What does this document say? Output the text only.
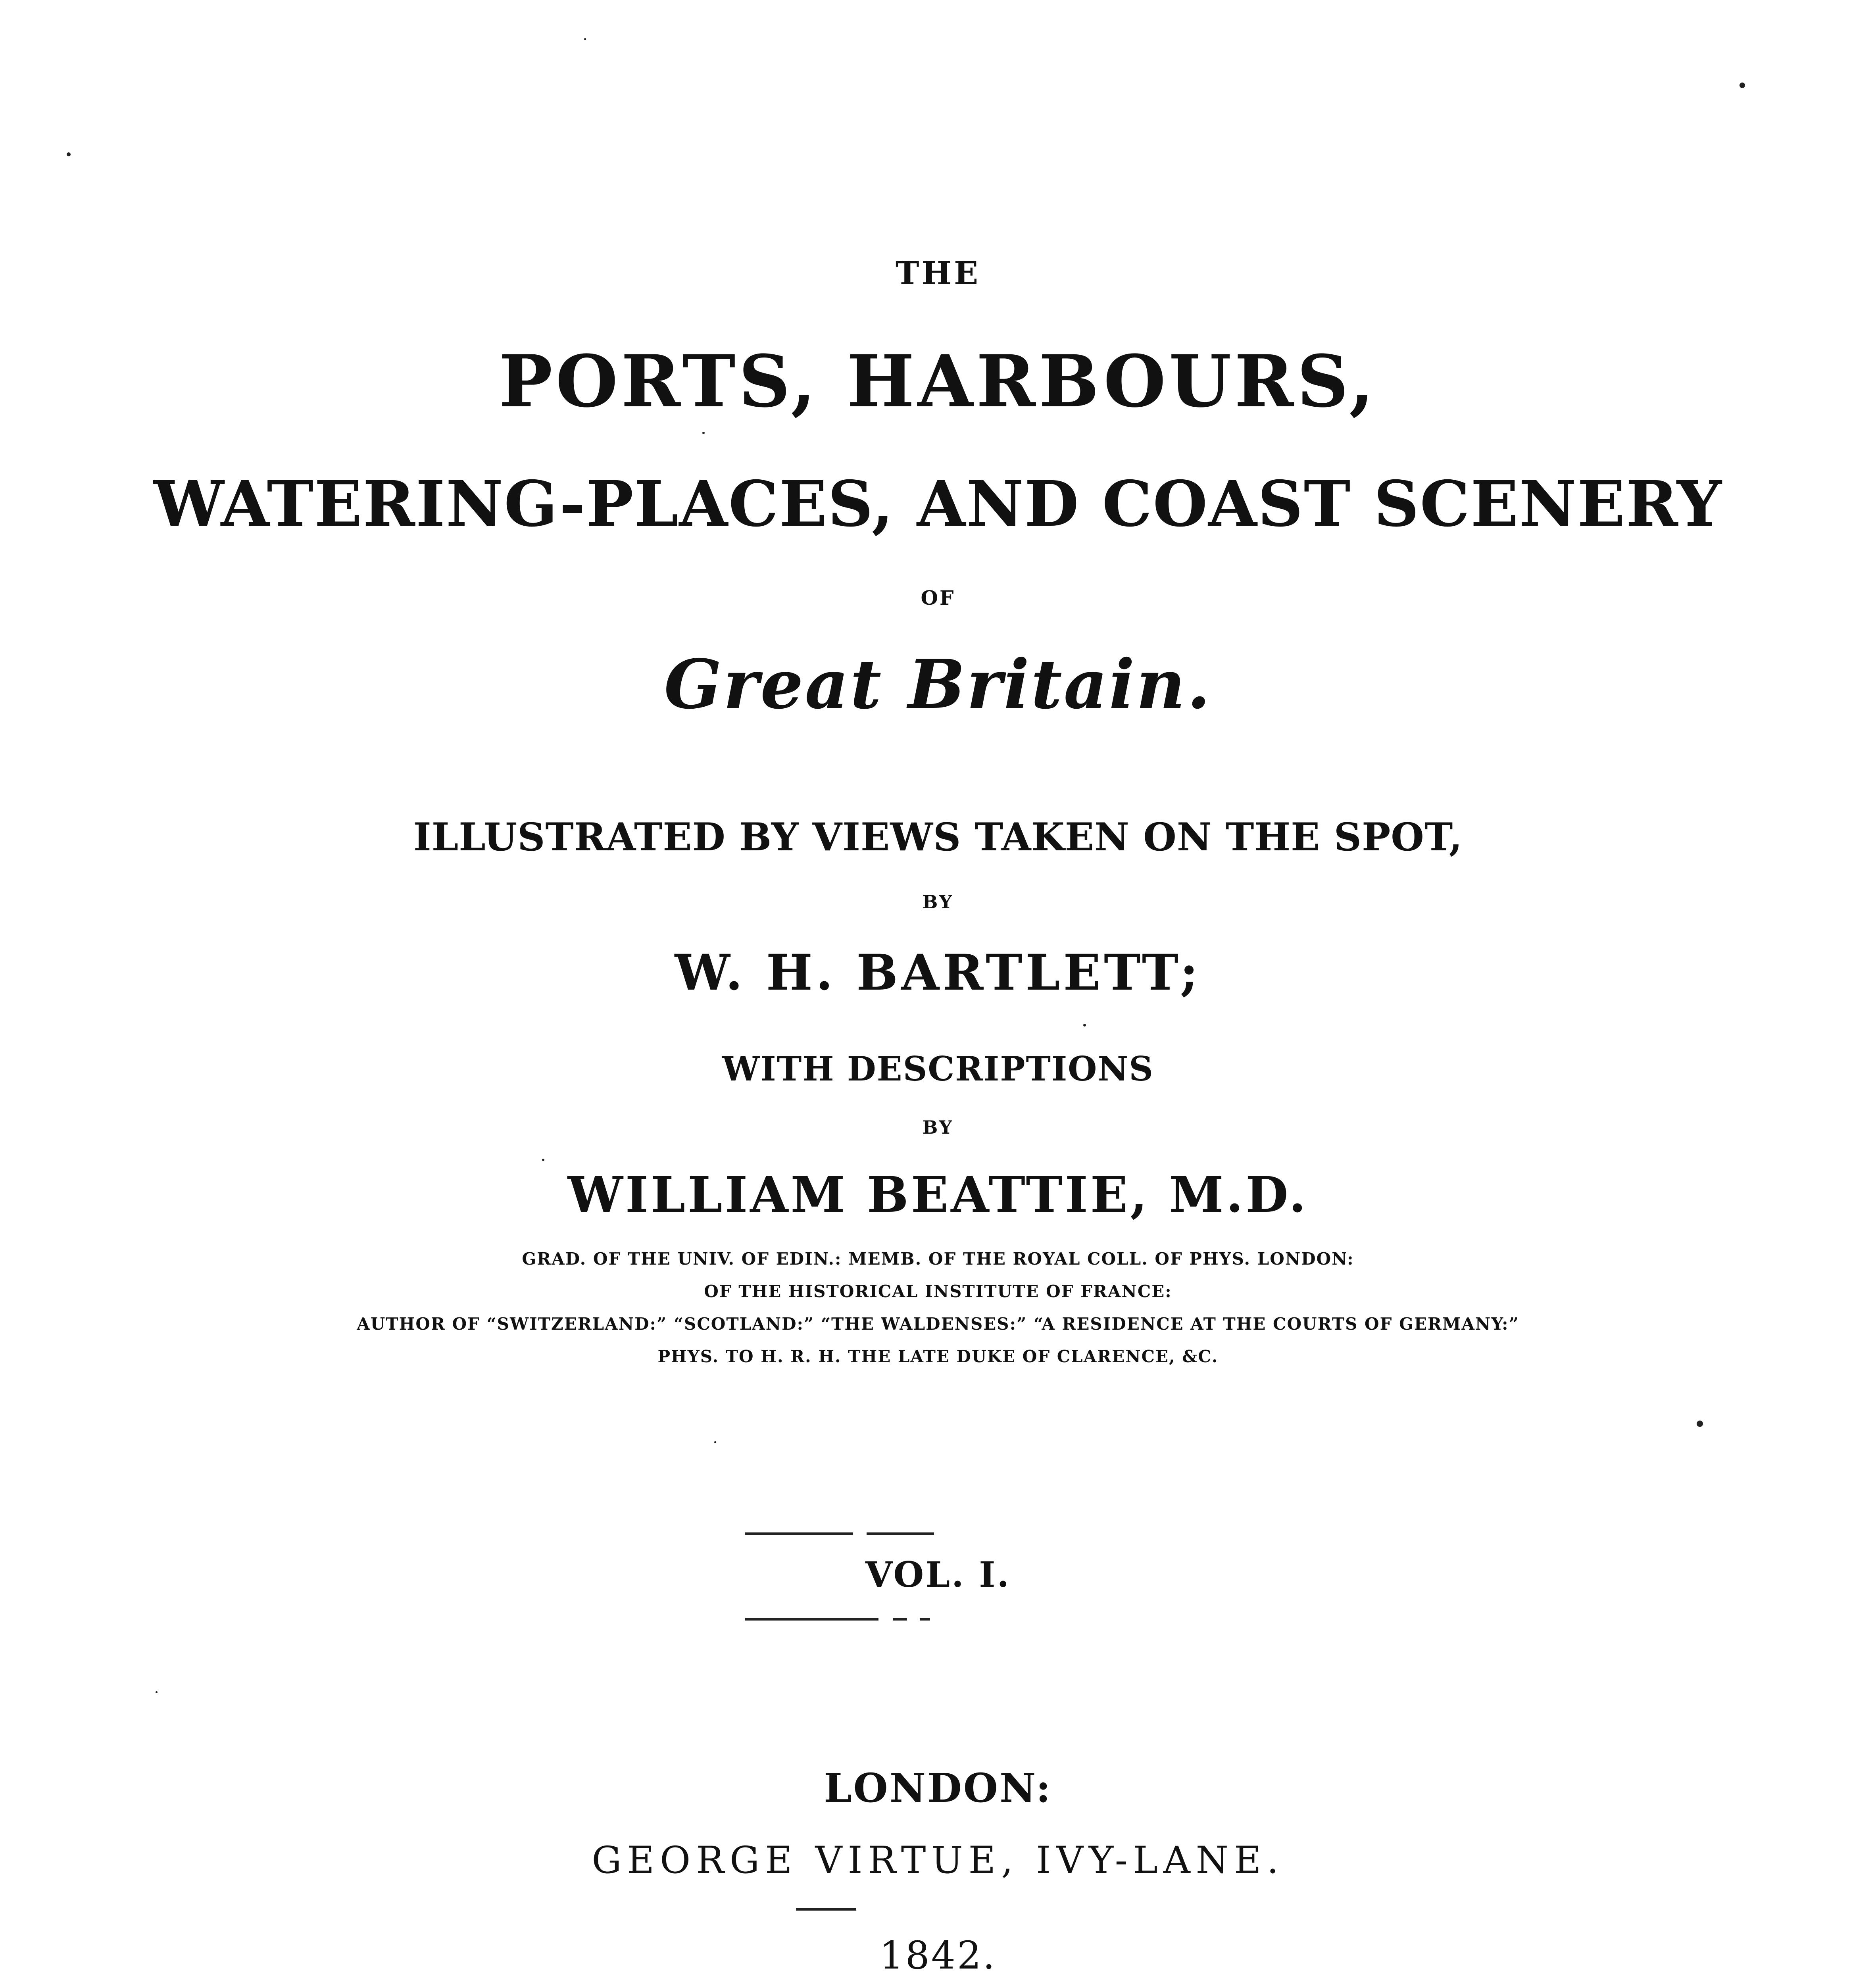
THE
PORTS, HARBOURS,
WATERING-PLACES, AND COAST SCENERY
OF
Great Britain.
ILLUSTRATED BY VIEWS TAKEN ON THE SPOT,
BY
W. H. BARTLETT;
WITH DESCRIPTIONS
BY
WILLIAM BEATTIE, M.D.
GRAD. OF THE UNIV. OF EDIN.: MEMB. OF THE ROYAL COLL. OF PHYS. LONDON:
OF THE HISTORICAL INSTITUTE OF FRANCE:
AUTHOR OF “SWITZERLAND:” “SCOTLAND:” “THE WALDENSES:” “A RESIDENCE AT THE COURTS OF GERMANY:”
PHYS. TO H. R. H. THE LATE DUKE OF CLARENCE, &C.
VOL. I.
LONDON:
GEORGE VIRTUE, IVY-LANE.
1842.
